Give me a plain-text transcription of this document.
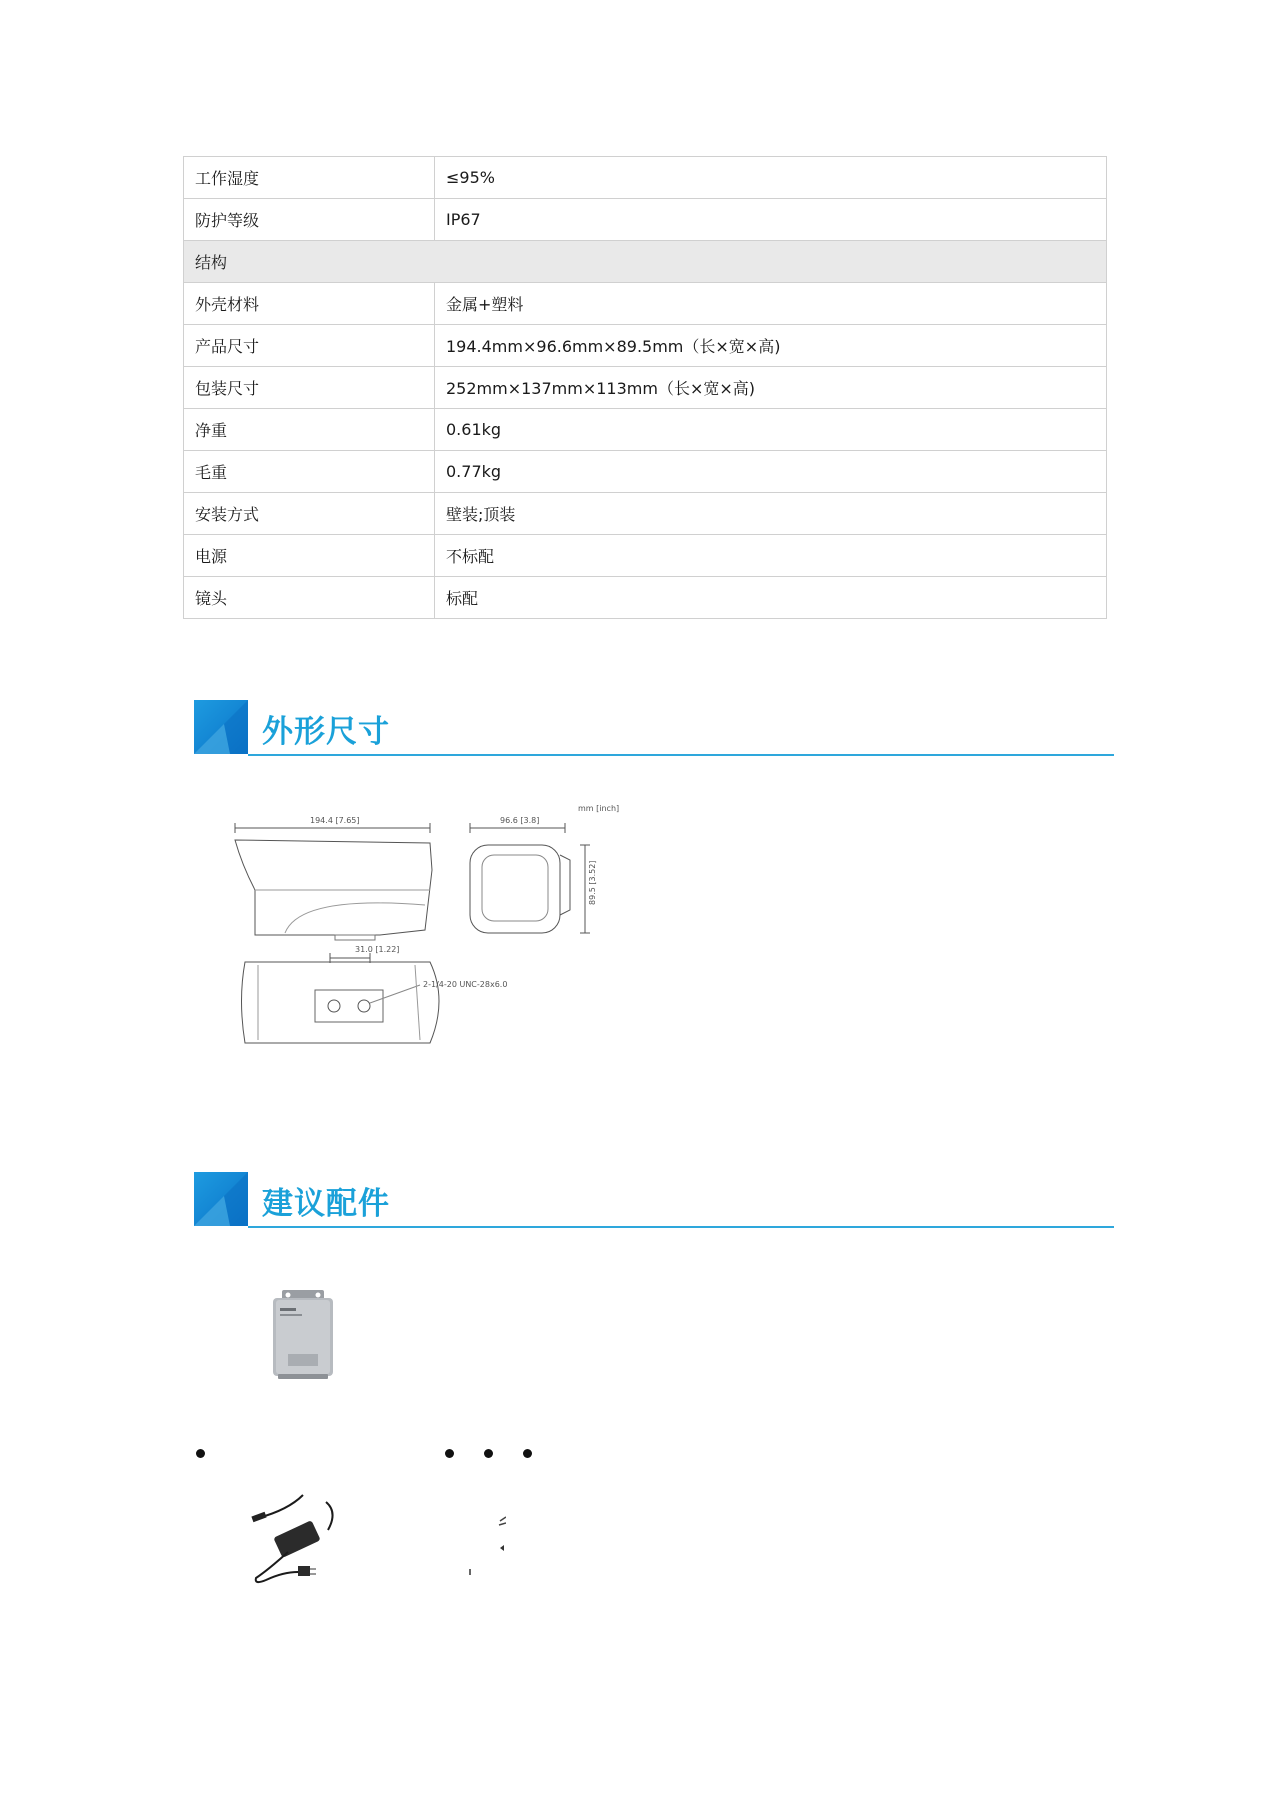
工作湿度	≤95%
防护等级	IP67
结构	
外壳材料	金属+塑料
产品尺寸	194.4mm×96.6mm×89.5mm（长×宽×高)
包装尺寸	252mm×137mm×113mm（长×宽×高)
净重	0.61kg
毛重	0.77kg
安装方式	壁装;顶装
电源	不标配
镜头	标配
外形尺寸
mm [inch]
194.4 [7.65]	96.6 [3.8]
89.5 [3.52]
31.0 [1.22]
2-1/4-20 UNC-28x6.0
建议配件
